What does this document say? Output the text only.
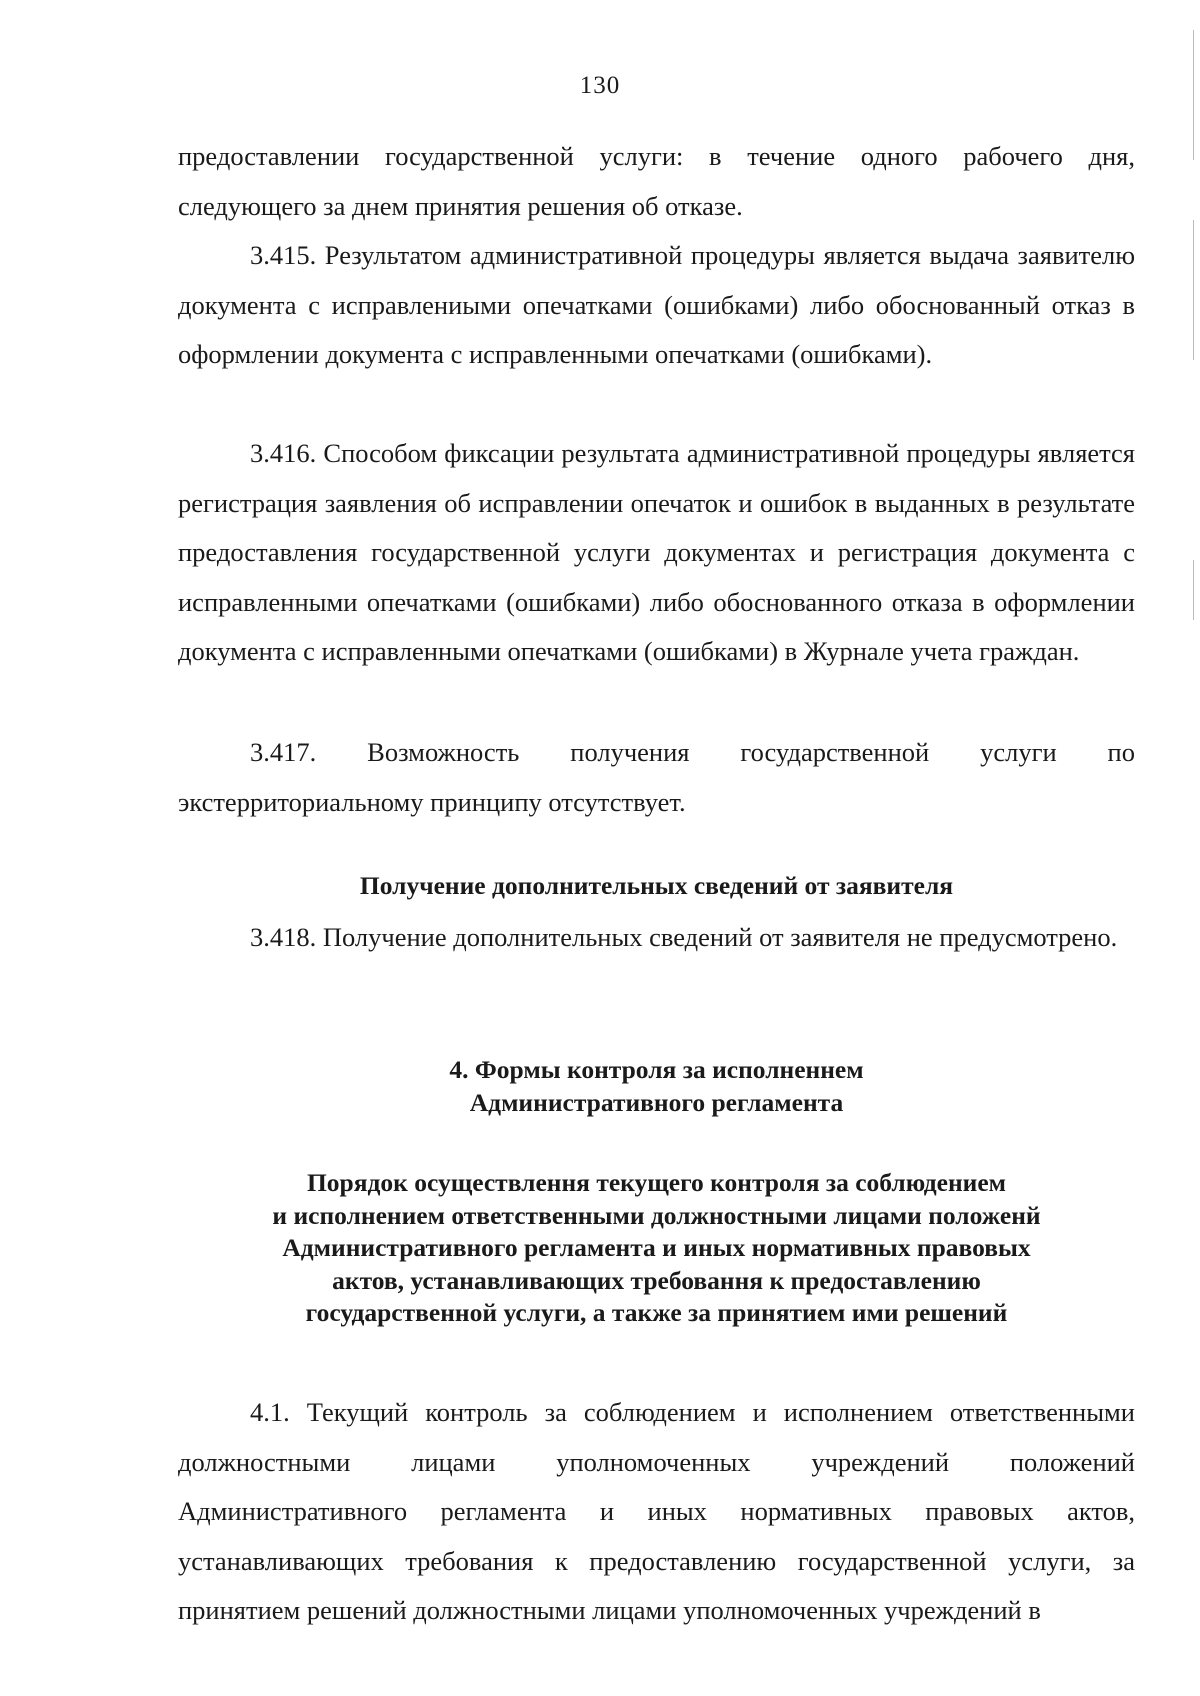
130

предоставлении государственной услуги: в течение одного рабочего дня, следующего за днем принятия решения об отказе.

3.415. Результатом административной процедуры является выдача заявителю документа с исправлениыми опечатками (ошибками) либо обоснованный отказ в оформлении документа с исправленными опечатками (ошибками).

3.416. Способом фиксации результата административной процедуры является регистрация заявления об исправлении опечаток и ошибок в выданных в результате предоставления государственной услуги документах и регистрация документа с исправленными опечатками (ошибками) либо обоснованного отказа в оформлении документа с исправленными опечатками (ошибками) в Журнале учета граждан.

3.417. Возможность получения государственной услуги по экстерриториальному принципу отсутствует.

Получение дополнительных сведений от заявителя

3.418. Получение дополнительных сведений от заявителя не предусмотрено.

4. Формы контроля за исполненнем
Административного регламента
Порядок осуществлення текущего контроля за соблюдением
и исполнением ответственными должностными лицами положенй
Административного регламента и иных нормативных правовых
актов, устанавливающих требовання к предоставлению
государственной услуги, а также за принятием ими решений

4.1. Текущий контроль за соблюдением и исполнением ответственными должностными лицами уполномоченных учреждений положений Административного регламента и иных нормативных правовых актов, устанавливающих требования к предоставлению государственной услуги, за принятием решений должностными лицами уполномоченных учреждений в
